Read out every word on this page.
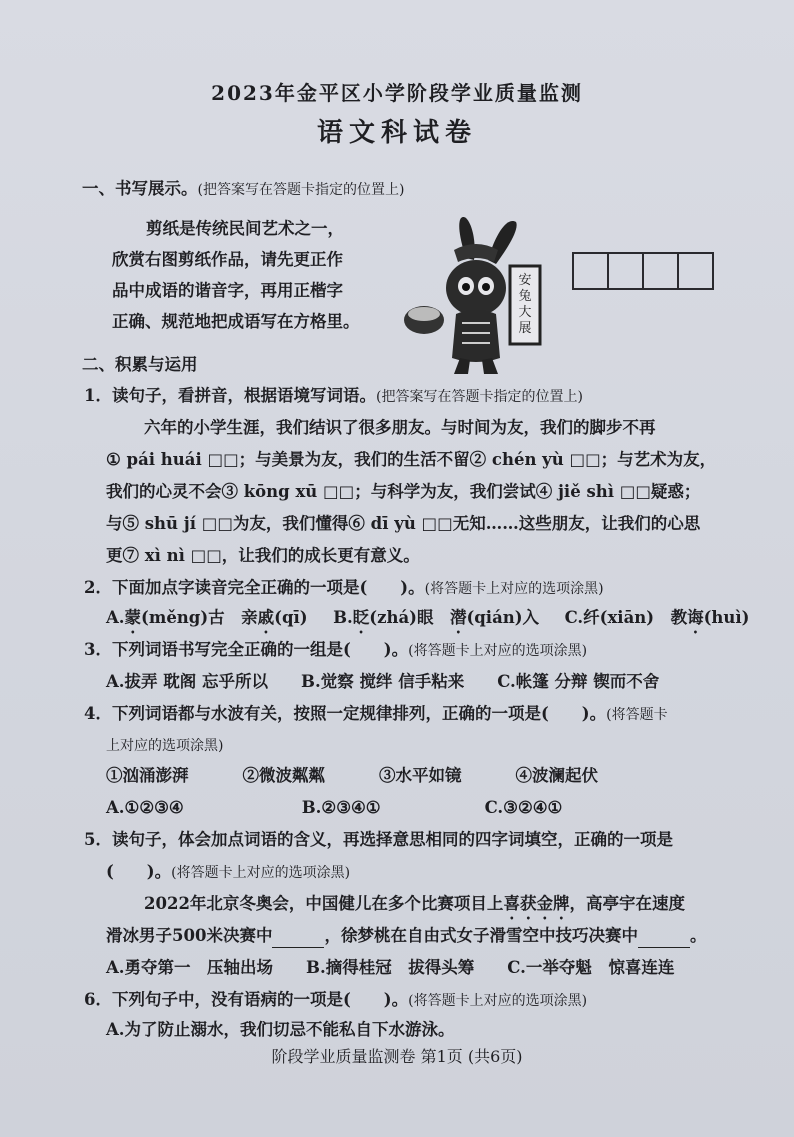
2023年金平区小学阶段学业质量监测
语文科试卷
一、书写展示。(把答案写在答题卡指定的位置上)
剪纸是传统民间艺术之一，
欣赏右图剪纸作品，请先更正作
品中成语的谐音字，再用正楷字
正确、规范地把成语写在方格里。
安
兔
大
展
二、积累与运用
1．读句子，看拼音，根据语境写词语。(把答案写在答题卡指定的位置上)
六年的小学生涯，我们结识了很多朋友。与时间为友，我们的脚步不再
① pái huái □□；与美景为友，我们的生活不留② chén yù □□；与艺术为友，
我们的心灵不会③ kōng xū □□；与科学为友，我们尝试④ jiě shì □□疑惑；
与⑤ shū jí □□为友，我们懂得⑥ dī yù □□无知……这些朋友，让我们的心思
更⑦ xì nì □□，让我们的成长更有意义。
2．下面加点字读音完全正确的一项是(　　)。(将答题卡上对应的选项涂黑)
A.蒙(měng)古　亲戚(qī) B.眨(zhá)眼　潜(qián)入 C.纤(xiān)　教诲(huì)
3．下列词语书写完全正确的一组是(　　)。(将答题卡上对应的选项涂黑)
A.拔弄 耽阁 忘乎所以　　B.觉察 搅绊 信手粘来　　C.帐篷 分辩 锲而不舍
4．下列词语都与水波有关，按照一定规律排列，正确的一项是(　　)。(将答题卡
上对应的选项涂黑)
①汹涌澎湃	②微波粼粼	③水平如镜	④波澜起伏
A.①②③④	B.②③④①	C.③②④①
5．读句子，体会加点词语的含义，再选择意思相同的四字词填空，正确的一项是
(　　)。(将答题卡上对应的选项涂黑)
2022年北京冬奥会，中国健儿在多个比赛项目上喜获金牌，高亭宇在速度
滑冰男子500米决赛中	，徐梦桃在自由式女子滑雪空中技巧决赛中	。
A.勇夺第一　压轴出场　　B.摘得桂冠　拔得头筹　　C.一举夺魁　惊喜连连
6．下列句子中，没有语病的一项是(　　)。(将答题卡上对应的选项涂黑)
A.为了防止溺水，我们切忌不能私自下水游泳。
阶段学业质量监测卷 第1页 (共6页)
